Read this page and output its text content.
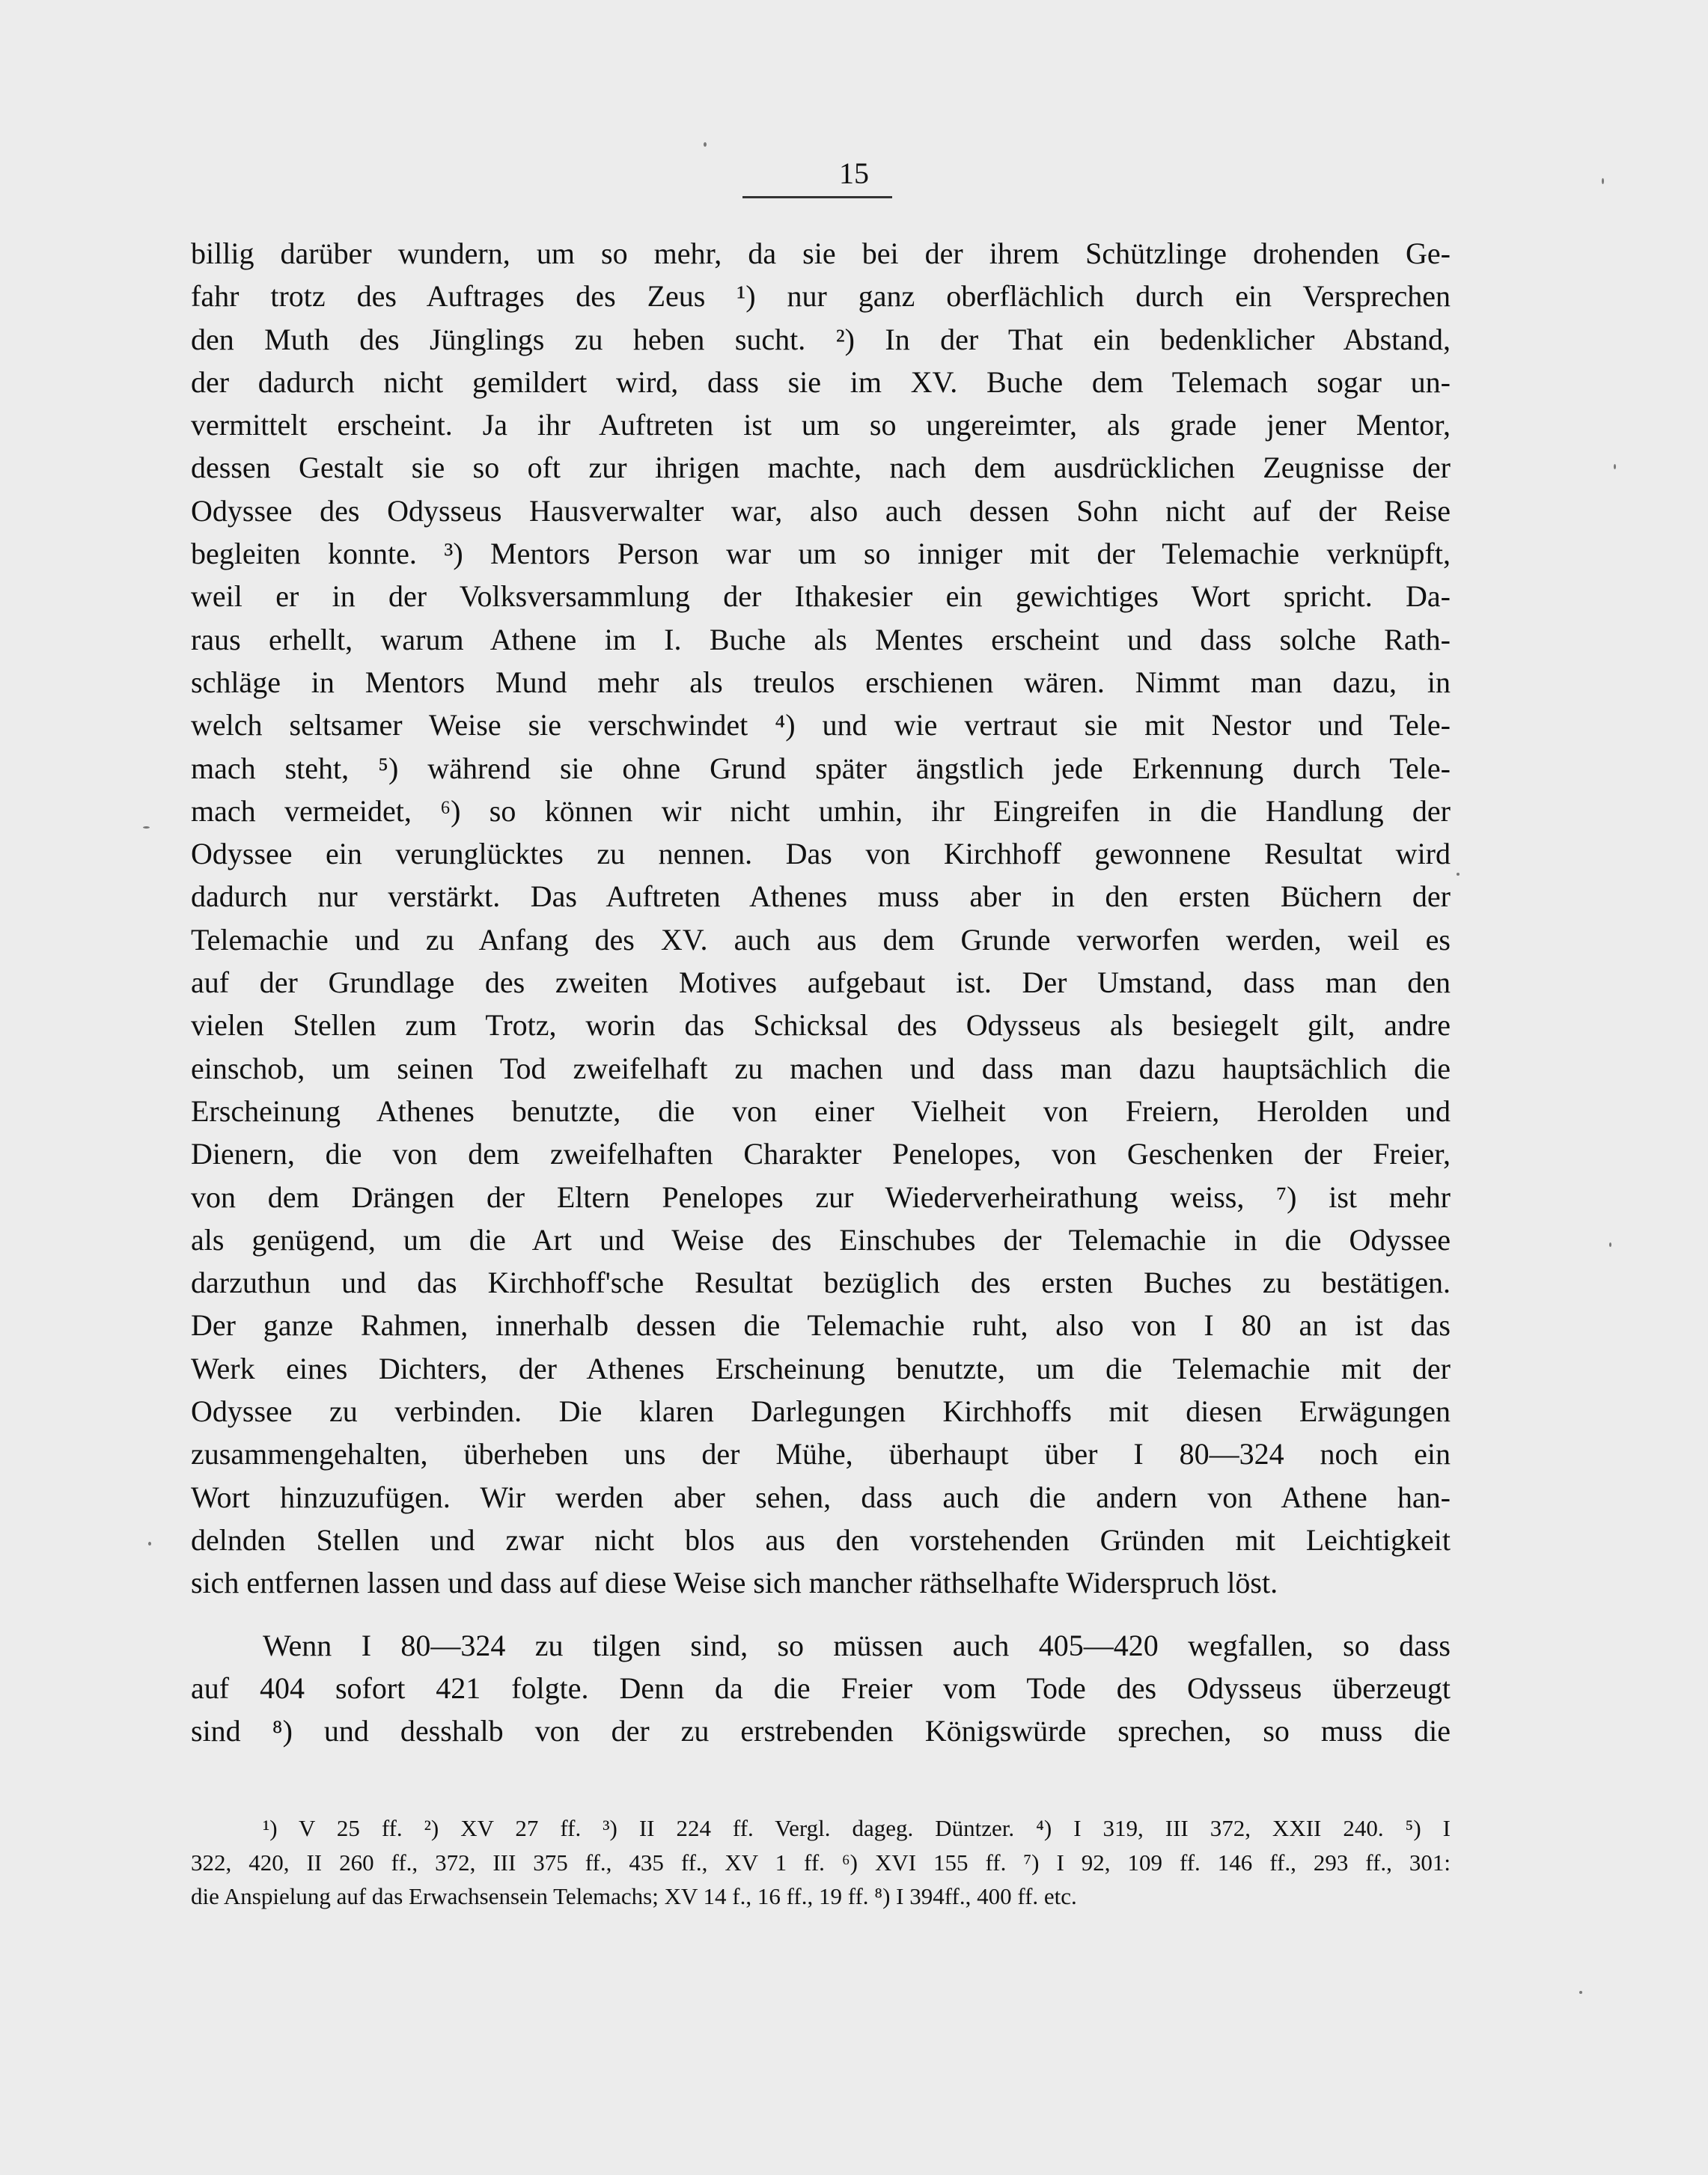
15
billig darüber wundern, um so mehr, da sie bei der ihrem Schützlinge drohenden Ge-
fahr trotz des Auftrages des Zeus ¹) nur ganz oberflächlich durch ein Versprechen
den Muth des Jünglings zu heben sucht. ²) In der That ein bedenklicher Abstand,
der dadurch nicht gemildert wird, dass sie im XV. Buche dem Telemach sogar un-
vermittelt erscheint. Ja ihr Auftreten ist um so ungereimter, als grade jener Mentor,
dessen Gestalt sie so oft zur ihrigen machte, nach dem ausdrücklichen Zeugnisse der
Odyssee des Odysseus Hausverwalter war, also auch dessen Sohn nicht auf der Reise
begleiten konnte. ³) Mentors Person war um so inniger mit der Telemachie verknüpft,
weil er in der Volksversammlung der Ithakesier ein gewichtiges Wort spricht. Da-
raus erhellt, warum Athene im I. Buche als Mentes erscheint und dass solche Rath-
schläge in Mentors Mund mehr als treulos erschienen wären. Nimmt man dazu, in
welch seltsamer Weise sie verschwindet ⁴) und wie vertraut sie mit Nestor und Tele-
mach steht, ⁵) während sie ohne Grund später ängstlich jede Erkennung durch Tele-
mach vermeidet, ⁶) so können wir nicht umhin, ihr Eingreifen in die Handlung der
Odyssee ein verunglücktes zu nennen. Das von Kirchhoff gewonnene Resultat wird
dadurch nur verstärkt. Das Auftreten Athenes muss aber in den ersten Büchern der
Telemachie und zu Anfang des XV. auch aus dem Grunde verworfen werden, weil es
auf der Grundlage des zweiten Motives aufgebaut ist. Der Umstand, dass man den
vielen Stellen zum Trotz, worin das Schicksal des Odysseus als besiegelt gilt, andre
einschob, um seinen Tod zweifelhaft zu machen und dass man dazu hauptsächlich die
Erscheinung Athenes benutzte, die von einer Vielheit von Freiern, Herolden und
Dienern, die von dem zweifelhaften Charakter Penelopes, von Geschenken der Freier,
von dem Drängen der Eltern Penelopes zur Wiederverheirathung weiss, ⁷) ist mehr
als genügend, um die Art und Weise des Einschubes der Telemachie in die Odyssee
darzuthun und das Kirchhoff'sche Resultat bezüglich des ersten Buches zu bestätigen.
Der ganze Rahmen, innerhalb dessen die Telemachie ruht, also von I 80 an ist das
Werk eines Dichters, der Athenes Erscheinung benutzte, um die Telemachie mit der
Odyssee zu verbinden. Die klaren Darlegungen Kirchhoffs mit diesen Erwägungen
zusammengehalten, überheben uns der Mühe, überhaupt über I 80—324 noch ein
Wort hinzuzufügen. Wir werden aber sehen, dass auch die andern von Athene han-
delnden Stellen und zwar nicht blos aus den vorstehenden Gründen mit Leichtigkeit
sich entfernen lassen und dass auf diese Weise sich mancher räthselhafte Widerspruch löst.
Wenn I 80—324 zu tilgen sind, so müssen auch 405—420 wegfallen, so dass
auf 404 sofort 421 folgte. Denn da die Freier vom Tode des Odysseus überzeugt
sind ⁸) und desshalb von der zu erstrebenden Königswürde sprechen, so muss die
¹) V 25 ff. ²) XV 27 ff. ³) II 224 ff. Vergl. dageg. Düntzer. ⁴) I 319, III 372, XXII 240. ⁵) I
322, 420, II 260 ff., 372, III 375 ff., 435 ff., XV 1 ff. ⁶) XVI 155 ff. ⁷) I 92, 109 ff. 146 ff., 293 ff., 301:
die Anspielung auf das Erwachsensein Telemachs; XV 14 f., 16 ff., 19 ff. ⁸) I 394ff., 400 ff. etc.
